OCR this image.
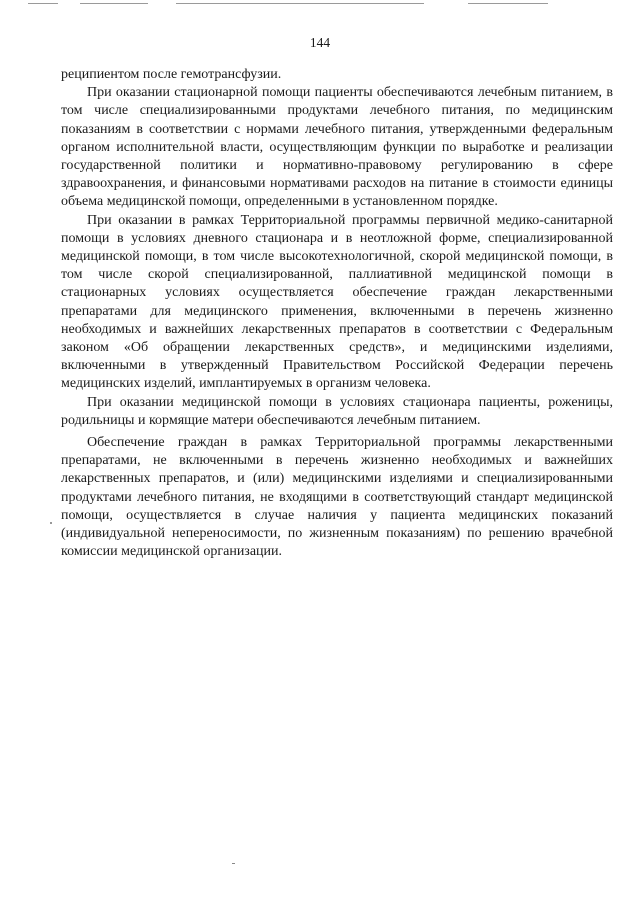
144

реципиентом после гемотрансфузии.

При оказании стационарной помощи пациенты обеспечиваются лечебным питанием, в том числе специализированными продуктами лечебного питания, по медицинским показаниям в соответствии с нормами лечебного питания, утвержденными федеральным органом исполнительной власти, осуществляющим функции по выработке и реализации государственной политики и нормативно-правовому регулированию в сфере здравоохранения, и финансовыми нормативами расходов на питание в стоимости единицы объема медицинской помощи, определенными в установленном порядке.

При оказании в рамках Территориальной программы первичной медико-санитарной помощи в условиях дневного стационара и в неотложной форме, специализированной медицинской помощи, в том числе высокотехнологичной, скорой медицинской помощи, в том числе скорой специализированной, паллиативной медицинской помощи в стационарных условиях осуществляется обеспечение граждан лекарственными препаратами для медицинского применения, включенными в перечень жизненно необходимых и важнейших лекарственных препаратов в соответствии с Федеральным законом «Об обращении лекарственных средств», и медицинскими изделиями, включенными в утвержденный Правительством Российской Федерации перечень медицинских изделий, имплантируемых в организм человека.

При оказании медицинской помощи в условиях стационара пациенты, роженицы, родильницы и кормящие матери обеспечиваются лечебным питанием.

Обеспечение граждан в рамках Территориальной программы лекарственными препаратами, не включенными в перечень жизненно необходимых и важнейших лекарственных препаратов, и (или) медицинскими изделиями и специализированными продуктами лечебного питания, не входящими в соответствующий стандарт медицинской помощи, осуществляется в случае наличия у пациента медицинских показаний (индивидуальной непереносимости, по жизненным показаниям) по решению врачебной комиссии медицинской организации.
